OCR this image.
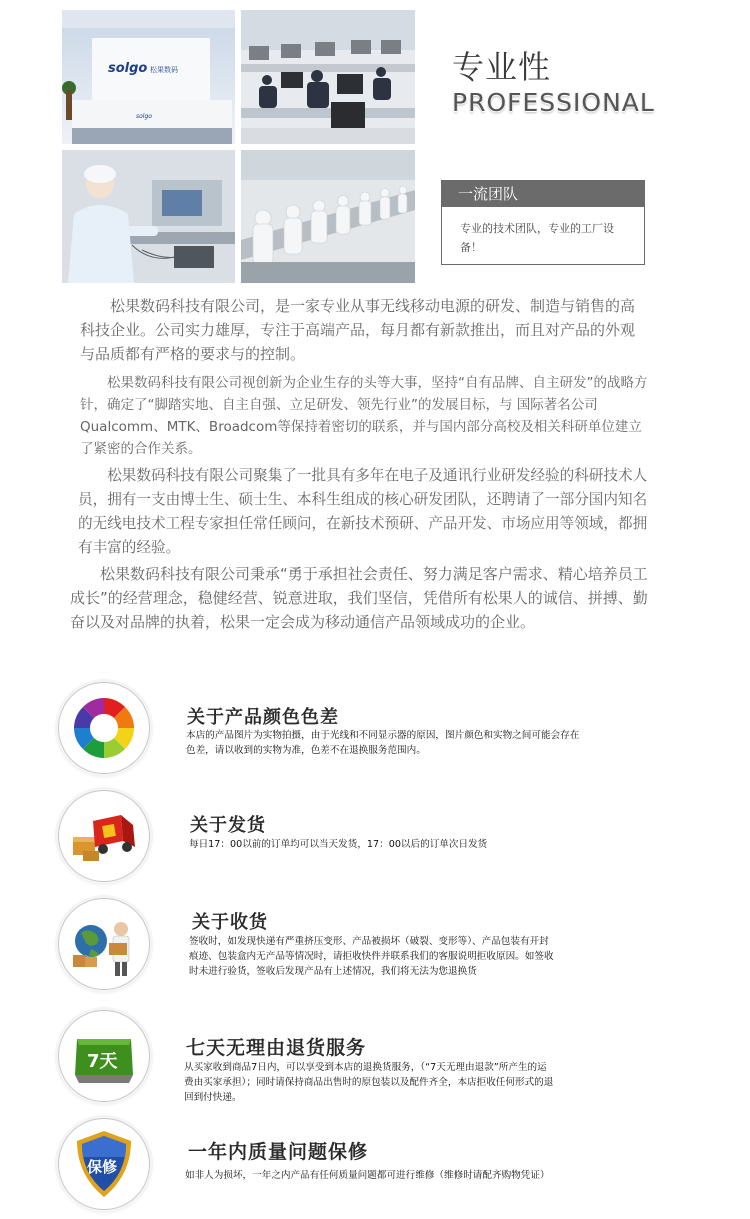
solgo 松果数码
solgo
专业性
PROFESSIONAL
一流团队
专业的技术团队，专业的工厂设备！

松果数码科技有限公司，是一家专业从事无线移动电源的研发、制造与销售的高科技企业。公司实力雄厚，专注于高端产品，每月都有新款推出，而且对产品的外观与品质都有严格的要求与的控制。

松果数码科技有限公司视创新为企业生存的头等大事，坚持“自有品牌、自主研发”的战略方针，确定了“脚踏实地、自主自强、立足研发、领先行业”的发展目标，与 国际著名公司Qualcomm、MTK、Broadcom等保持着密切的联系，并与国内部分高校及相关科研单位建立了紧密的合作关系。

松果数码科技有限公司聚集了一批具有多年在电子及通讯行业研发经验的科研技术人员，拥有一支由博士生、硕士生、本科生组成的核心研发团队，还聘请了一部分国内知名的无线电技术工程专家担任常任顾问，在新技术预研、产品开发、市场应用等领域，都拥有丰富的经验。

松果数码科技有限公司秉承“勇于承担社会责任、努力满足客户需求、精心培养员工成长”的经营理念，稳健经营、锐意进取，我们坚信，凭借所有松果人的诚信、拼搏、勤奋以及对品牌的执着，松果一定会成为移动通信产品领域成功的企业。

关于产品颜色色差

本店的产品图片为实物拍摄，由于光线和不同显示器的原因，图片颜色和实物之间可能会存在色差，请以收到的实物为准，色差不在退换服务范围内。

关于发货

每日17：00以前的订单均可以当天发货，17：00以后的订单次日发货

关于收货

签收时，如发现快递有严重挤压变形、产品被损坏（破裂、变形等）、产品包装有开封痕迹、包装盒内无产品等情况时，请拒收快件并联系我们的客服说明拒收原因。如签收时未进行验货，签收后发现产品有上述情况，我们将无法为您退换货

7天
七天无理由退货服务

从买家收到商品7日内，可以享受到本店的退换货服务，（“7天无理由退款”所产生的运费由买家承担）；同时请保持商品出售时的原包装以及配件齐全，本店拒收任何形式的退回到付快递。

保修
一年内质量问题保修

如非人为损坏，一年之内产品有任何质量问题都可进行维修（维修时请配齐购物凭证）
